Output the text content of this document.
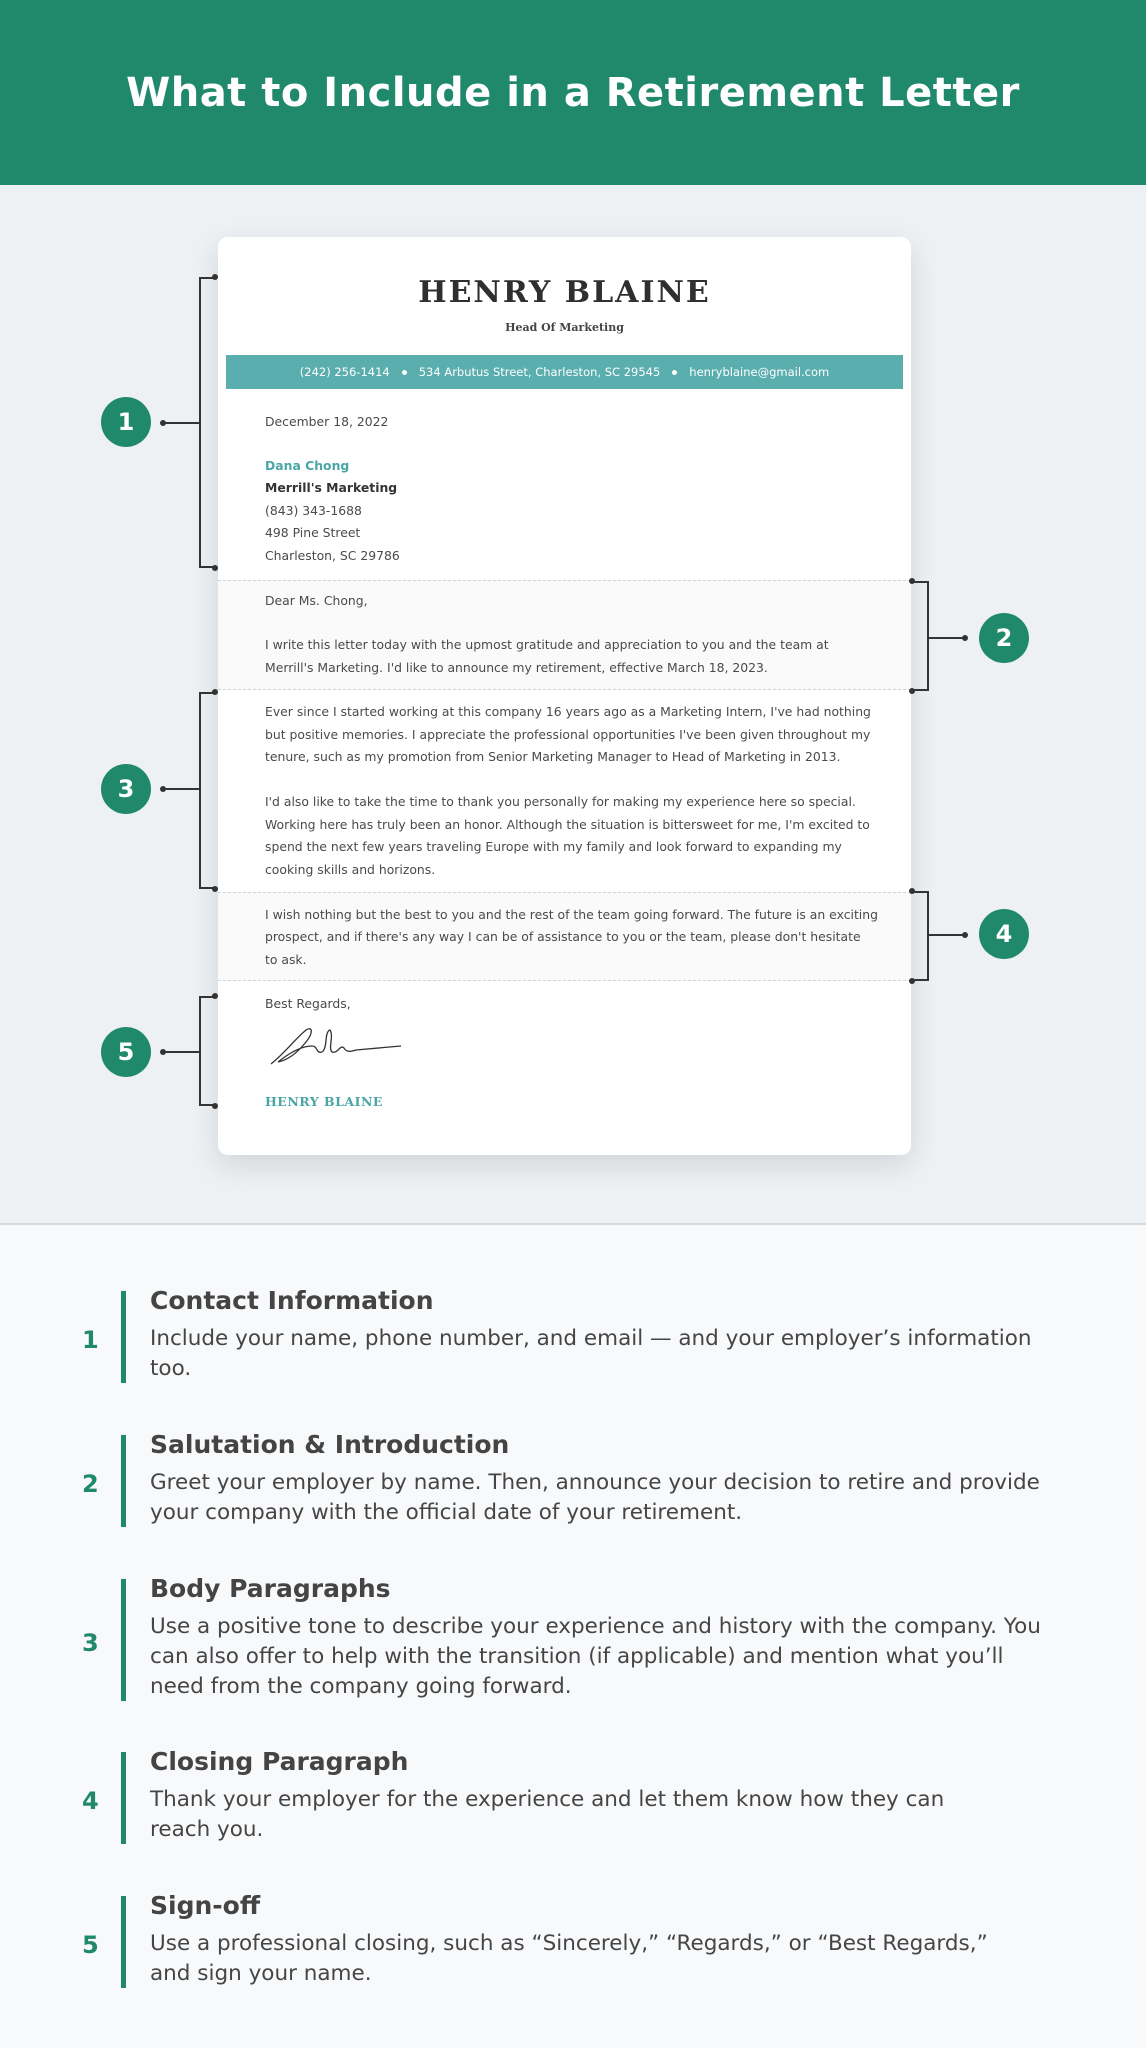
What to Include in a Retirement Letter
HENRY BLAINE
Head Of Marketing
(242) 256-1414	534 Arbutus Street, Charleston, SC 29545	henryblaine@gmail.com
December 18, 2022
Dana Chong
Merrill's Marketing
(843) 343-1688
498 Pine Street
Charleston, SC 29786
Dear Ms. Chong,
I write this letter today with the upmost gratitude and appreciation to you and the team at
Merrill's Marketing. I'd like to announce my retirement, effective March 18, 2023.
Ever since I started working at this company 16 years ago as a Marketing Intern, I've had nothing
but positive memories. I appreciate the professional opportunities I've been given throughout my
tenure, such as my promotion from Senior Marketing Manager to Head of Marketing in 2013.
I'd also like to take the time to thank you personally for making my experience here so special.
Working here has truly been an honor. Although the situation is bittersweet for me, I'm excited to
spend the next few years traveling Europe with my family and look forward to expanding my
cooking skills and horizons.
I wish nothing but the best to you and the rest of the team going forward. The future is an exciting
prospect, and if there's any way I can be of assistance to you or the team, please don't hesitate
to ask.
Best Regards,
HENRY BLAINE
1
2
3
4
5
1
Contact Information

Include your name, phone number, and email — and your employer’s information too.

2
Salutation & Introduction

Greet your employer by name. Then, announce your decision to retire and provide your company with the official date of your retirement.

3
Body Paragraphs

Use a positive tone to describe your experience and history with the company. You can also offer to help with the transition (if applicable) and mention what you’ll need from the company going forward.

4
Closing Paragraph

Thank your employer for the experience and let them know how they can reach you.

5
Sign-off

Use a professional closing, such as “Sincerely,” “Regards,” or “Best Regards,” and sign your name.
